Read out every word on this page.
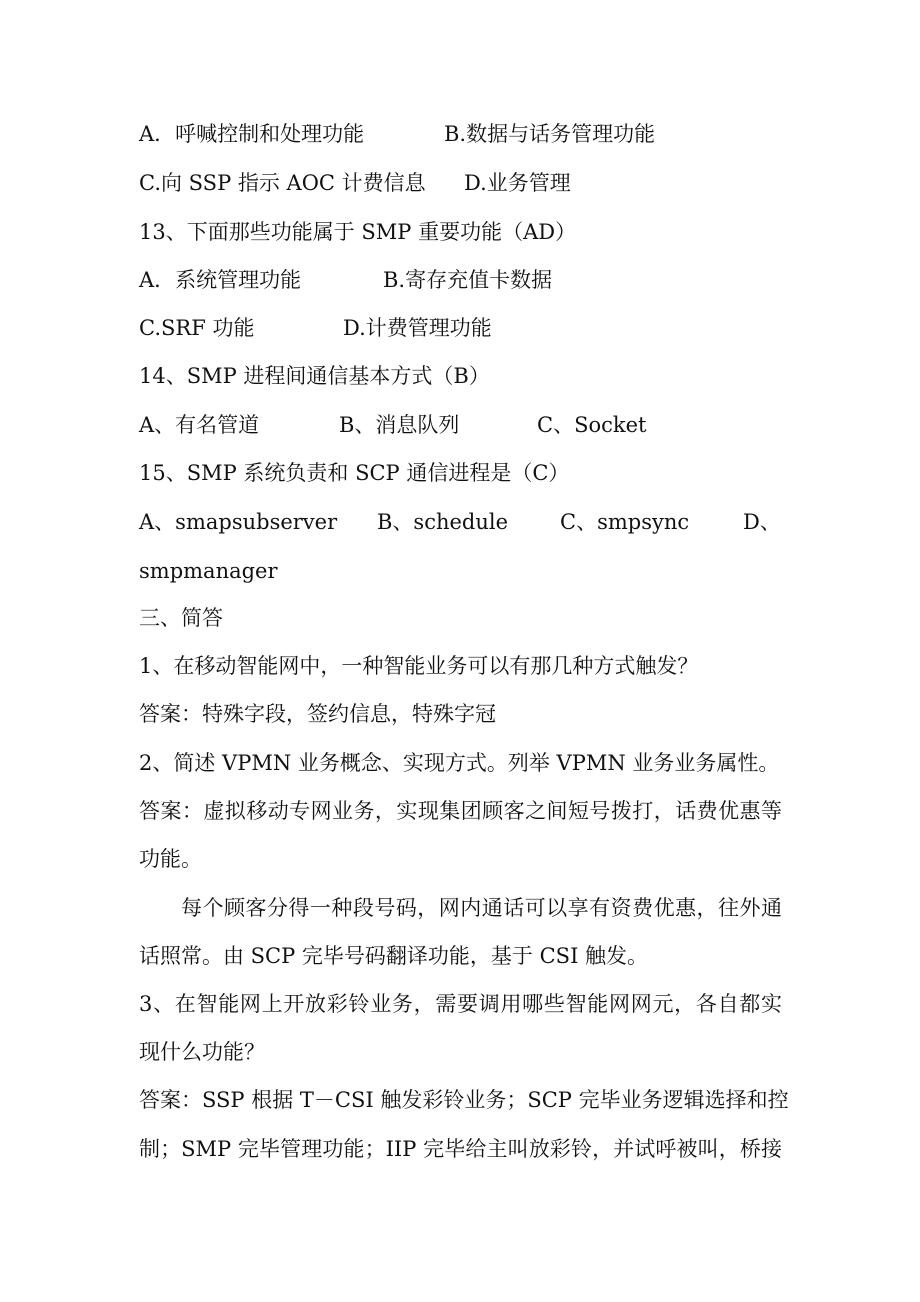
A．呼喊控制和处理功能	B.数据与话务管理功能
C.向 SSP 指示 AOC 计费信息 D.业务管理
13、下面那些功能属于 SMP 重要功能（AD）
A．系统管理功能	B.寄存充值卡数据
C.SRF 功能	D.计费管理功能
14、SMP 进程间通信基本方式（B）
A、有名管道	B、消息队列	C、Socket
15、SMP 系统负责和 SCP 通信进程是（C）
A、smapsubserver B、schedule C、smpsync	D、
smpmanager
三、简答
1、在移动智能网中，一种智能业务可以有那几种方式触发？
答案：特殊字段，签约信息，特殊字冠
2、简述 VPMN 业务概念、实现方式。列举 VPMN 业务业务属性。
答案：虚拟移动专网业务，实现集团顾客之间短号拨打，话费优惠等
功能。
每个顾客分得一种段号码，网内通话可以享有资费优惠，往外通
话照常。由 SCP 完毕号码翻译功能，基于 CSI 触发。
3、在智能网上开放彩铃业务，需要调用哪些智能网网元，各自都实
现什么功能？
答案：SSP 根据 T－CSI 触发彩铃业务；SCP 完毕业务逻辑选择和控
制；SMP 完毕管理功能；IIP 完毕给主叫放彩铃，并试呼被叫，桥接
